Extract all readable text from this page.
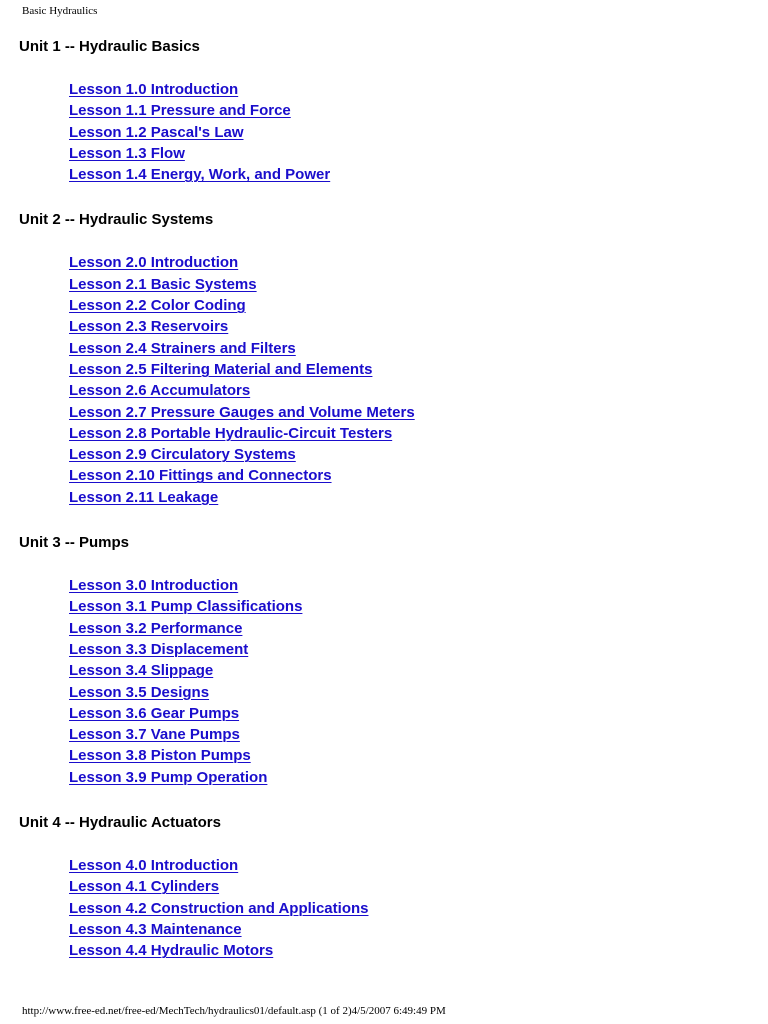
Basic Hydraulics
Unit 1 -- Hydraulic Basics
Lesson 1.0 Introduction
Lesson 1.1 Pressure and Force
Lesson 1.2 Pascal's Law
Lesson 1.3 Flow
Lesson 1.4 Energy, Work, and Power
Unit 2 -- Hydraulic Systems
Lesson 2.0 Introduction
Lesson 2.1 Basic Systems
Lesson 2.2 Color Coding
Lesson 2.3 Reservoirs
Lesson 2.4 Strainers and Filters
Lesson 2.5 Filtering Material and Elements
Lesson 2.6 Accumulators
Lesson 2.7 Pressure Gauges and Volume Meters
Lesson 2.8 Portable Hydraulic-Circuit Testers
Lesson 2.9 Circulatory Systems
Lesson 2.10 Fittings and Connectors
Lesson 2.11 Leakage
Unit 3 -- Pumps
Lesson 3.0 Introduction
Lesson 3.1 Pump Classifications
Lesson 3.2 Performance
Lesson 3.3 Displacement
Lesson 3.4 Slippage
Lesson 3.5 Designs
Lesson 3.6 Gear Pumps
Lesson 3.7 Vane Pumps
Lesson 3.8 Piston Pumps
Lesson 3.9 Pump Operation
Unit 4 -- Hydraulic Actuators
Lesson 4.0 Introduction
Lesson 4.1 Cylinders
Lesson 4.2 Construction and Applications
Lesson 4.3 Maintenance
Lesson 4.4 Hydraulic Motors
http://www.free-ed.net/free-ed/MechTech/hydraulics01/default.asp (1 of 2)4/5/2007 6:49:49 PM
